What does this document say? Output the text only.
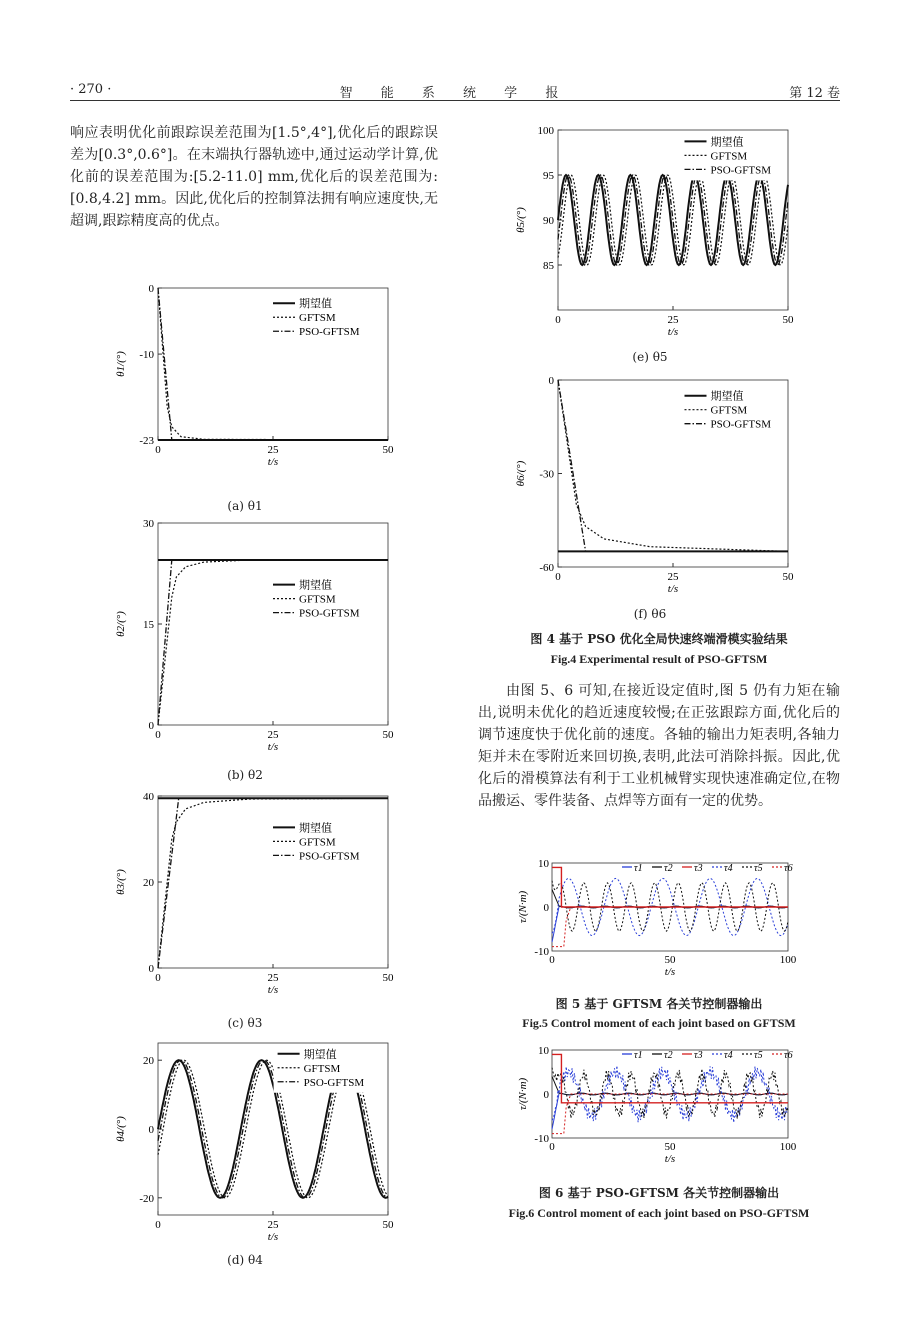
· 270 ·	智 能 系 统 学 报	第 12 卷
响应表明优化前跟踪误差范围为[1.5°,4°],优化后的跟踪误差为[0.3°,0.6°]。在末端执行器轨迹中,通过运动学计算,优化前的误差范围为:[5.2-11.0] mm,优化后的误差范围为:[0.8,4.2] mm。因此,优化后的控制算法拥有响应速度快,无超调,跟踪精度高的优点。
由图 5、6 可知,在接近设定值时,图 5 仍有力矩在输出,说明未优化的趋近速度较慢;在正弦跟踪方面,优化后的调节速度快于优化前的速度。各轴的输出力矩表明,各轴力矩并未在零附近来回切换,表明,此法可消除抖振。因此,优化后的滑模算法有利于工业机械臂实现快速准确定位,在物品搬运、零件装备、点焊等方面有一定的优势。
0	25	50
t/s
0
-10
-23
θ1/(°)
期望值
GFTSM
PSO-GFTSM
(a) θ1
0	25	50
t/s
30
15
0
θ2/(°)
期望值
GFTSM
PSO-GFTSM
(b) θ2
0	25	50
t/s
40
20
0
θ3/(°)
期望值
GFTSM
PSO-GFTSM
(c) θ3
0	25	50
t/s
20
0
-20
θ4/(°)
期望值
GFTSM
PSO-GFTSM
(d) θ4
0	25	50
t/s
100
95
90
85
θ5/(°)
期望值
GFTSM
PSO-GFTSM
(e) θ5
0	25	50
t/s
0
-30
-60
θ6/(°)
期望值
GFTSM
PSO-GFTSM
(f) θ6
图 4 基于 PSO 优化全局快速终端滑模实验结果
Fig.4 Experimental result of PSO-GFTSM
0	50	100
t/s
10
0
-10
τ/(N·m)
τ1 τ2 τ3 τ4 τ5 τ6
图 5 基于 GFTSM 各关节控制器输出
Fig.5 Control moment of each joint based on GFTSM
0	50	100
t/s
10
0
-10
τ/(N·m)
τ1 τ2 τ3 τ4 τ5 τ6
图 6 基于 PSO-GFTSM 各关节控制器输出
Fig.6 Control moment of each joint based on PSO-GFTSM
